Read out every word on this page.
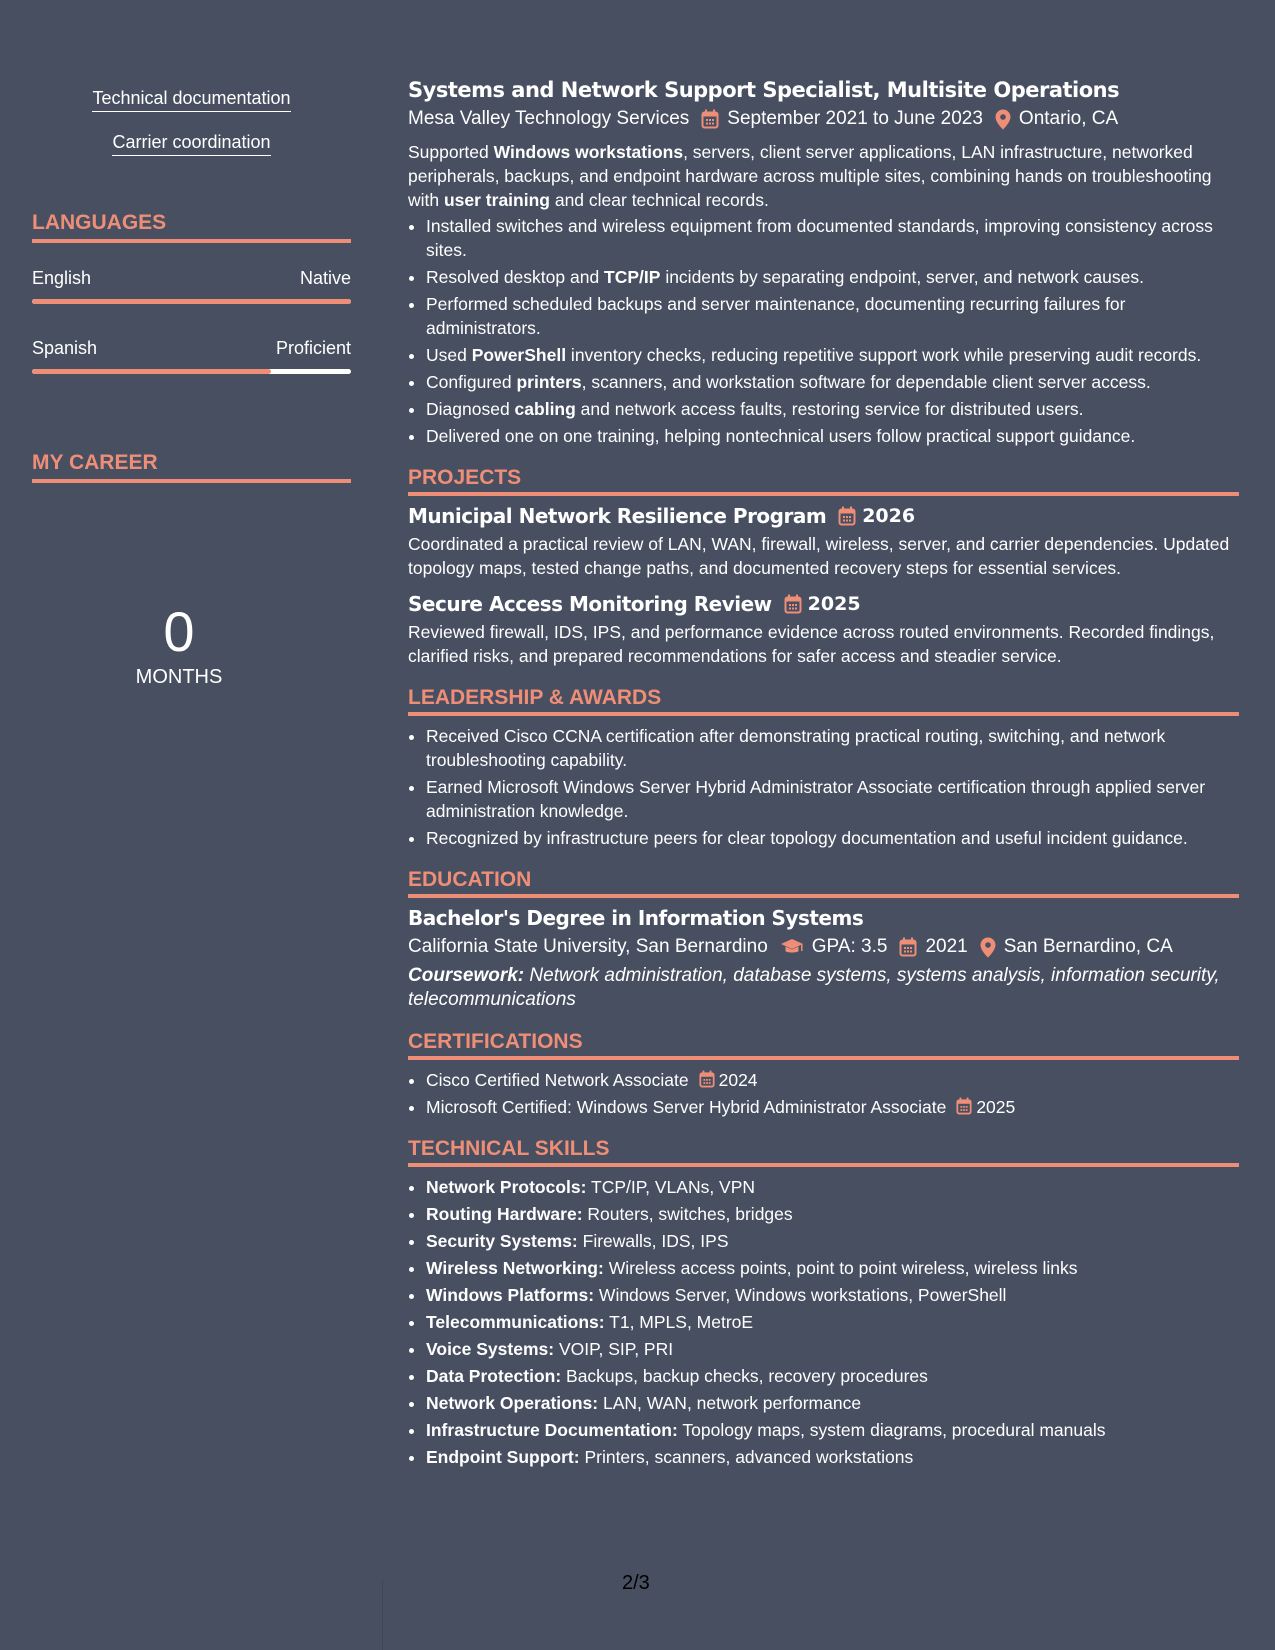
Technical documentation
Carrier coordination
LANGUAGES
English	Native
Spanish	Proficient
MY CAREER
0
MONTHS
Systems and Network Support Specialist, Multisite Operations
Mesa Valley Technology Services September 2021 to June 2023 Ontario, CA
Supported Windows workstations, servers, client server applications, LAN infrastructure, networked peripherals, backups, and endpoint hardware across multiple sites, combining hands on troubleshooting with user training and clear technical records.
• Installed switches and wireless equipment from documented standards, improving consistency across sites.
• Resolved desktop and TCP/IP incidents by separating endpoint, server, and network causes.
• Performed scheduled backups and server maintenance, documenting recurring failures for administrators.
• Used PowerShell inventory checks, reducing repetitive support work while preserving audit records.
• Configured printers, scanners, and workstation software for dependable client server access.
• Diagnosed cabling and network access faults, restoring service for distributed users.
• Delivered one on one training, helping nontechnical users follow practical support guidance.
PROJECTS
Municipal Network Resilience Program 2026
Coordinated a practical review of LAN, WAN, firewall, wireless, server, and carrier dependencies. Updated topology maps, tested change paths, and documented recovery steps for essential services.
Secure Access Monitoring Review 2025
Reviewed firewall, IDS, IPS, and performance evidence across routed environments. Recorded findings, clarified risks, and prepared recommendations for safer access and steadier service.
LEADERSHIP & AWARDS
• Received Cisco CCNA certification after demonstrating practical routing, switching, and network troubleshooting capability.
• Earned Microsoft Windows Server Hybrid Administrator Associate certification through applied server administration knowledge.
• Recognized by infrastructure peers for clear topology documentation and useful incident guidance.
EDUCATION
Bachelor's Degree in Information Systems
California State University, San Bernardino GPA: 3.5 2021 San Bernardino, CA
Coursework: Network administration, database systems, systems analysis, information security, telecommunications
CERTIFICATIONS
• Cisco Certified Network Associate 2024
• Microsoft Certified: Windows Server Hybrid Administrator Associate 2025
TECHNICAL SKILLS
• Network Protocols: TCP/IP, VLANs, VPN
• Routing Hardware: Routers, switches, bridges
• Security Systems: Firewalls, IDS, IPS
• Wireless Networking: Wireless access points, point to point wireless, wireless links
• Windows Platforms: Windows Server, Windows workstations, PowerShell
• Telecommunications: T1, MPLS, MetroE
• Voice Systems: VOIP, SIP, PRI
• Data Protection: Backups, backup checks, recovery procedures
• Network Operations: LAN, WAN, network performance
• Infrastructure Documentation: Topology maps, system diagrams, procedural manuals
• Endpoint Support: Printers, scanners, advanced workstations
2/3
